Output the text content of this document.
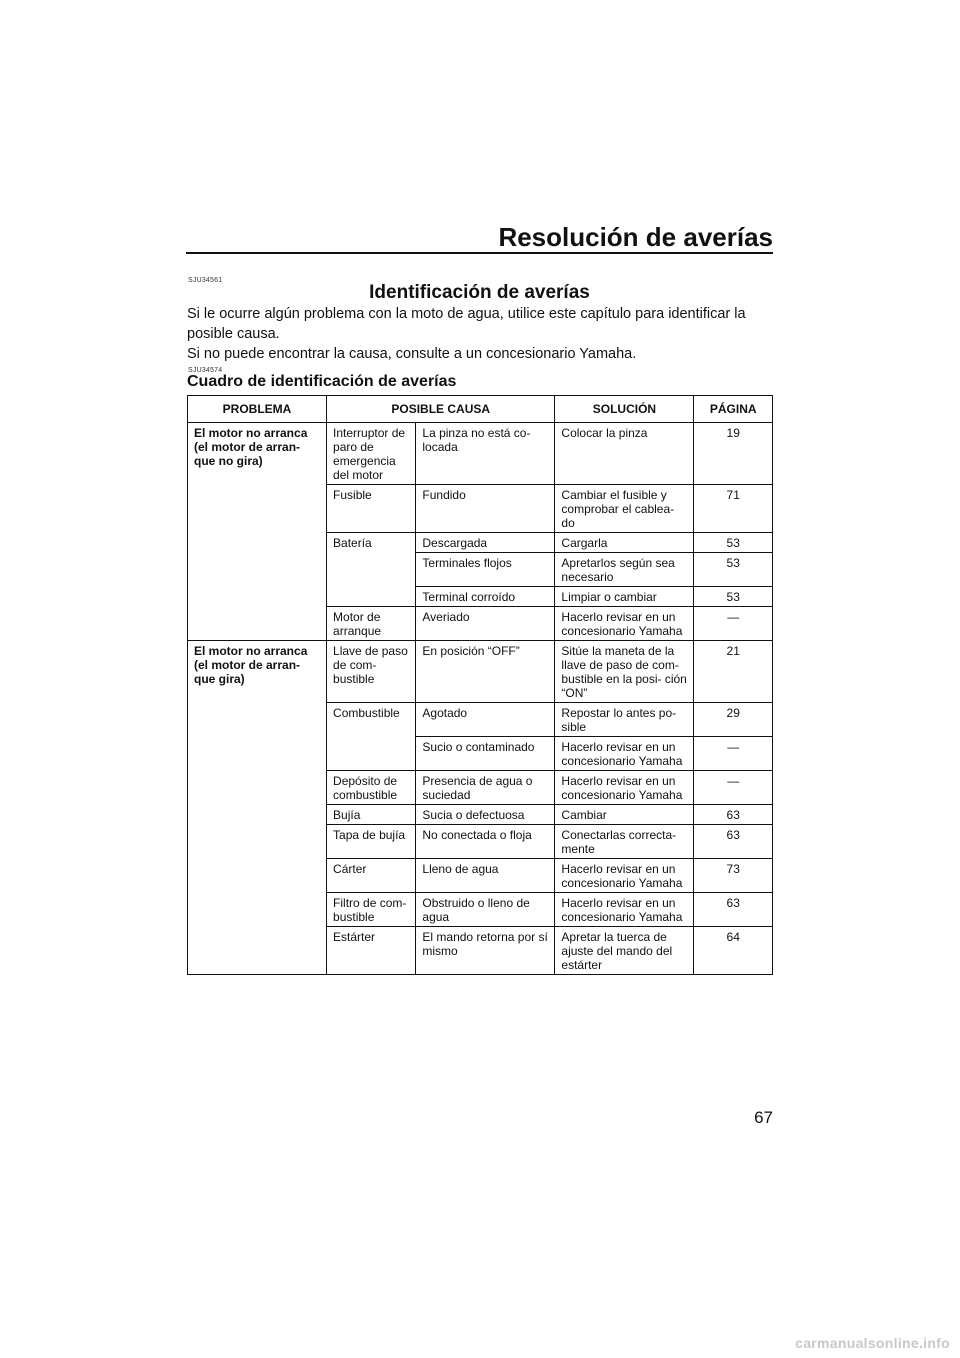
Resolución de averías
SJU34561
Identificación de averías

Si le ocurre algún problema con la moto de agua, utilice este capítulo para identificar la posible causa.

Si no puede encontrar la causa, consulte a un concesionario Yamaha.

SJU34574
Cuadro de identificación de averías
PROBLEMA	POSIBLE CAUSA		SOLUCIÓN	PÁGINA
El motor no arranca (el motor de arran- que no gira)	Interruptor de paro de emergencia del motor	La pinza no está co- locada	Colocar la pinza	19
	Fusible	Fundido	Cambiar el fusible y comprobar el cablea- do	71
	Batería	Descargada	Cargarla	53
		Terminales flojos	Apretarlos según sea necesario	53
		Terminal corroído	Limpiar o cambiar	53
	Motor de arranque	Averiado	Hacerlo revisar en un concesionario Yamaha	—
El motor no arranca (el motor de arran- que gira)	Llave de paso de com- bustible	En posición “OFF”	Sitúe la maneta de la llave de paso de com- bustible en la posi- ción “ON”	21
	Combustible	Agotado	Repostar lo antes po- sible	29
		Sucio o contaminado	Hacerlo revisar en un concesionario Yamaha	—
	Depósito de combustible	Presencia de agua o suciedad	Hacerlo revisar en un concesionario Yamaha	—
	Bujía	Sucia o defectuosa	Cambiar	63
	Tapa de bujía	No conectada o floja	Conectarlas correcta- mente	63
	Cárter	Lleno de agua	Hacerlo revisar en un concesionario Yamaha	73
	Filtro de com- bustible	Obstruido o lleno de agua	Hacerlo revisar en un concesionario Yamaha	63
	Estárter	El mando retorna por sí mismo	Apretar la tuerca de ajuste del mando del estárter	64
67
carmanualsonline.info
